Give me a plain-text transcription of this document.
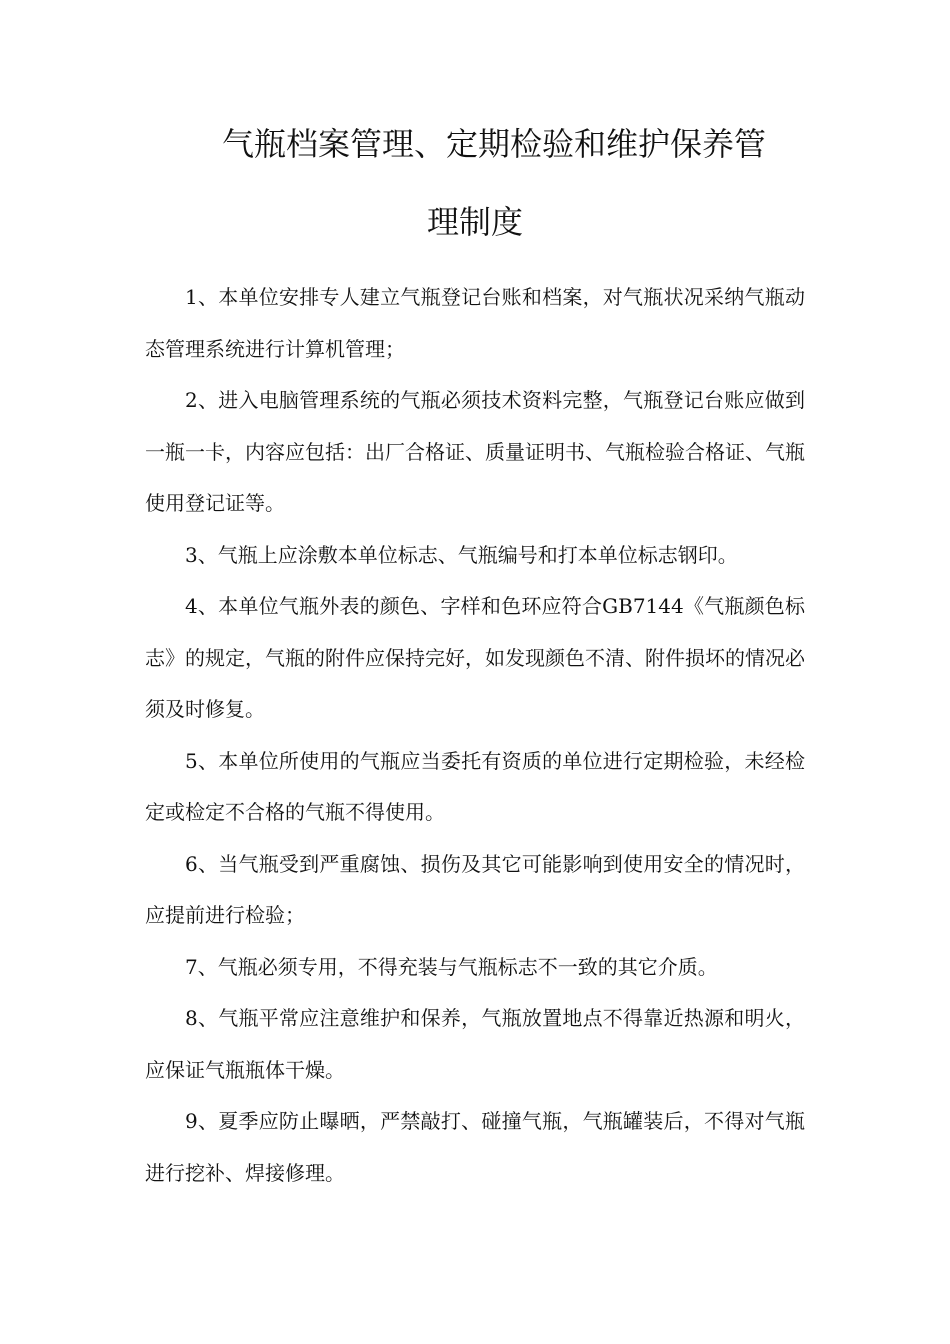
气瓶档案管理、定期检验和维护保养管
理制度

1、本单位安排专人建立气瓶登记台账和档案，对气瓶状况采纳气瓶动态管理系统进行计算机管理；

2、进入电脑管理系统的气瓶必须技术资料完整，气瓶登记台账应做到一瓶一卡，内容应包括：出厂合格证、质量证明书、气瓶检验合格证、气瓶使用登记证等。

3、气瓶上应涂敷本单位标志、气瓶编号和打本单位标志钢印。

4、本单位气瓶外表的颜色、字样和色环应符合GB7144《气瓶颜色标志》的规定，气瓶的附件应保持完好，如发现颜色不清、附件损坏的情况必须及时修复。

5、本单位所使用的气瓶应当委托有资质的单位进行定期检验，未经检定或检定不合格的气瓶不得使用。

6、当气瓶受到严重腐蚀、损伤及其它可能影响到使用安全的情况时，应提前进行检验；

7、气瓶必须专用，不得充装与气瓶标志不一致的其它介质。

8、气瓶平常应注意维护和保养，气瓶放置地点不得靠近热源和明火，应保证气瓶瓶体干燥。

9、夏季应防止曝晒，严禁敲打、碰撞气瓶，气瓶罐装后，不得对气瓶进行挖补、焊接修理。
